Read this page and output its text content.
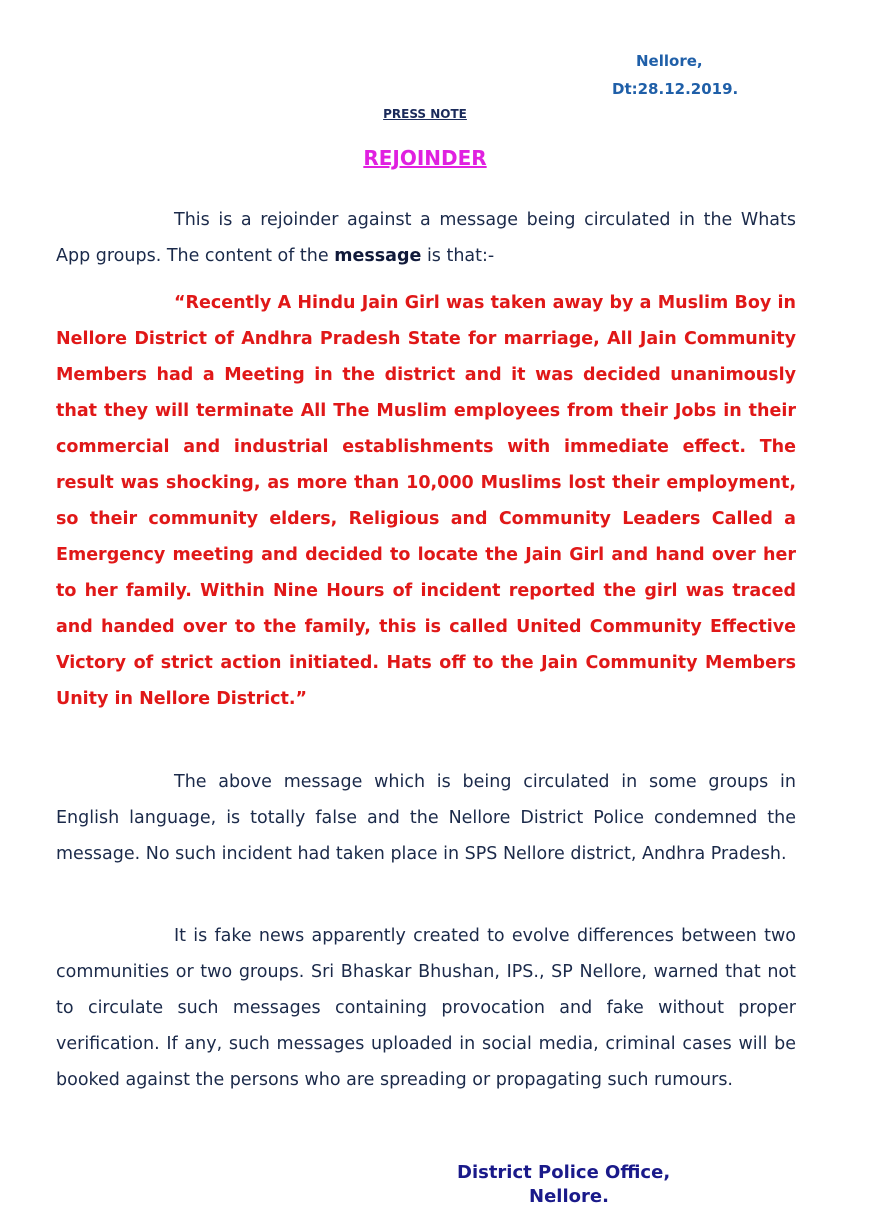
Nellore,
Dt:28.12.2019.
PRESS NOTE
REJOINDER

This is a rejoinder against a message being circulated in the Whats App groups. The content of the message is that:-

“Recently A Hindu Jain Girl was taken away by a Muslim Boy in Nellore District of Andhra Pradesh State for marriage, All Jain Community Members had a Meeting in the district and it was decided unanimously that they will terminate All The Muslim employees from their Jobs in their commercial and industrial establishments with immediate effect. The result was shocking, as more than 10,000 Muslims lost their employment, so their community elders, Religious and Community Leaders Called a Emergency meeting and decided to locate the Jain Girl and hand over her to her family. Within Nine Hours of incident reported the girl was traced and handed over to the family, this is called United Community Effective Victory of strict action initiated. Hats off to the Jain Community Members Unity in Nellore District.”

The above message which is being circulated in some groups in English language, is totally false and the Nellore District Police condemned the message. No such incident had taken place in SPS Nellore district, Andhra Pradesh.

It is fake news apparently created to evolve differences between two communities or two groups. Sri Bhaskar Bhushan, IPS., SP Nellore, warned that not to circulate such messages containing provocation and fake without proper verification. If any, such messages uploaded in social media, criminal cases will be booked against the persons who are spreading or propagating such rumours.

District Police Office,
Nellore.
